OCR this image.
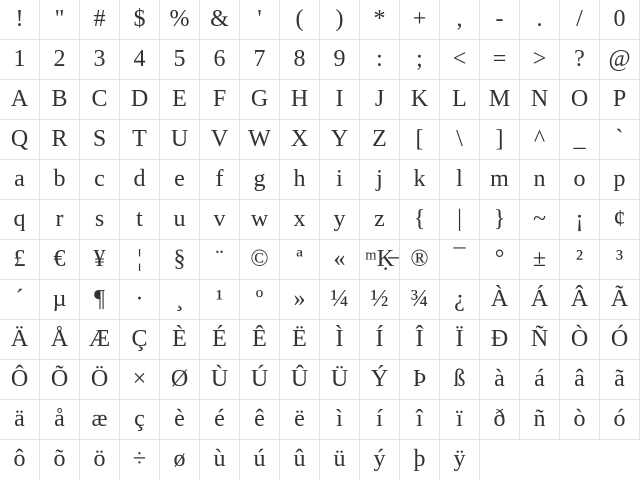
!	"	#	$	% &	'	(	)	*	+	,	-	.	/	0
1	2	3	4	5	6	7	8	9	:	;	<	=	>	? @
A B C D E	F	G H	I	J	K L M N O	P
Q R	S	T	U V W X Y Z	[	\	]	^	_	`
a	b	c	d	e	f	g	h	i	j	k	l	m	n	o	p
q	r	s	t	u	v	w	x	y	z	{	|	}	~	¡	¢
£	€	¥	¦	§	¨	©	ª	« ᵐḲ̶ ®	¯	°	±	²	³
´	µ	¶	·	¸	¹	º	»	¼ ½ ¾	¿	À Á Â Ã
Ä Å Æ Ç	È	É	Ê	Ë	Ì	Í	Î	Ï	Ð Ñ Ò Ó
Ô Õ Ö	×	Ø Ù Ú Û Ü Ý	Þ	ß	à	á	â	ã
ä	å	æ	ç	è	é	ê	ë	ì	í	î	ï	ð	ñ	ò	ó
ô	õ	ö	÷	ø	ù	ú	û	ü	ý	þ	ÿ
